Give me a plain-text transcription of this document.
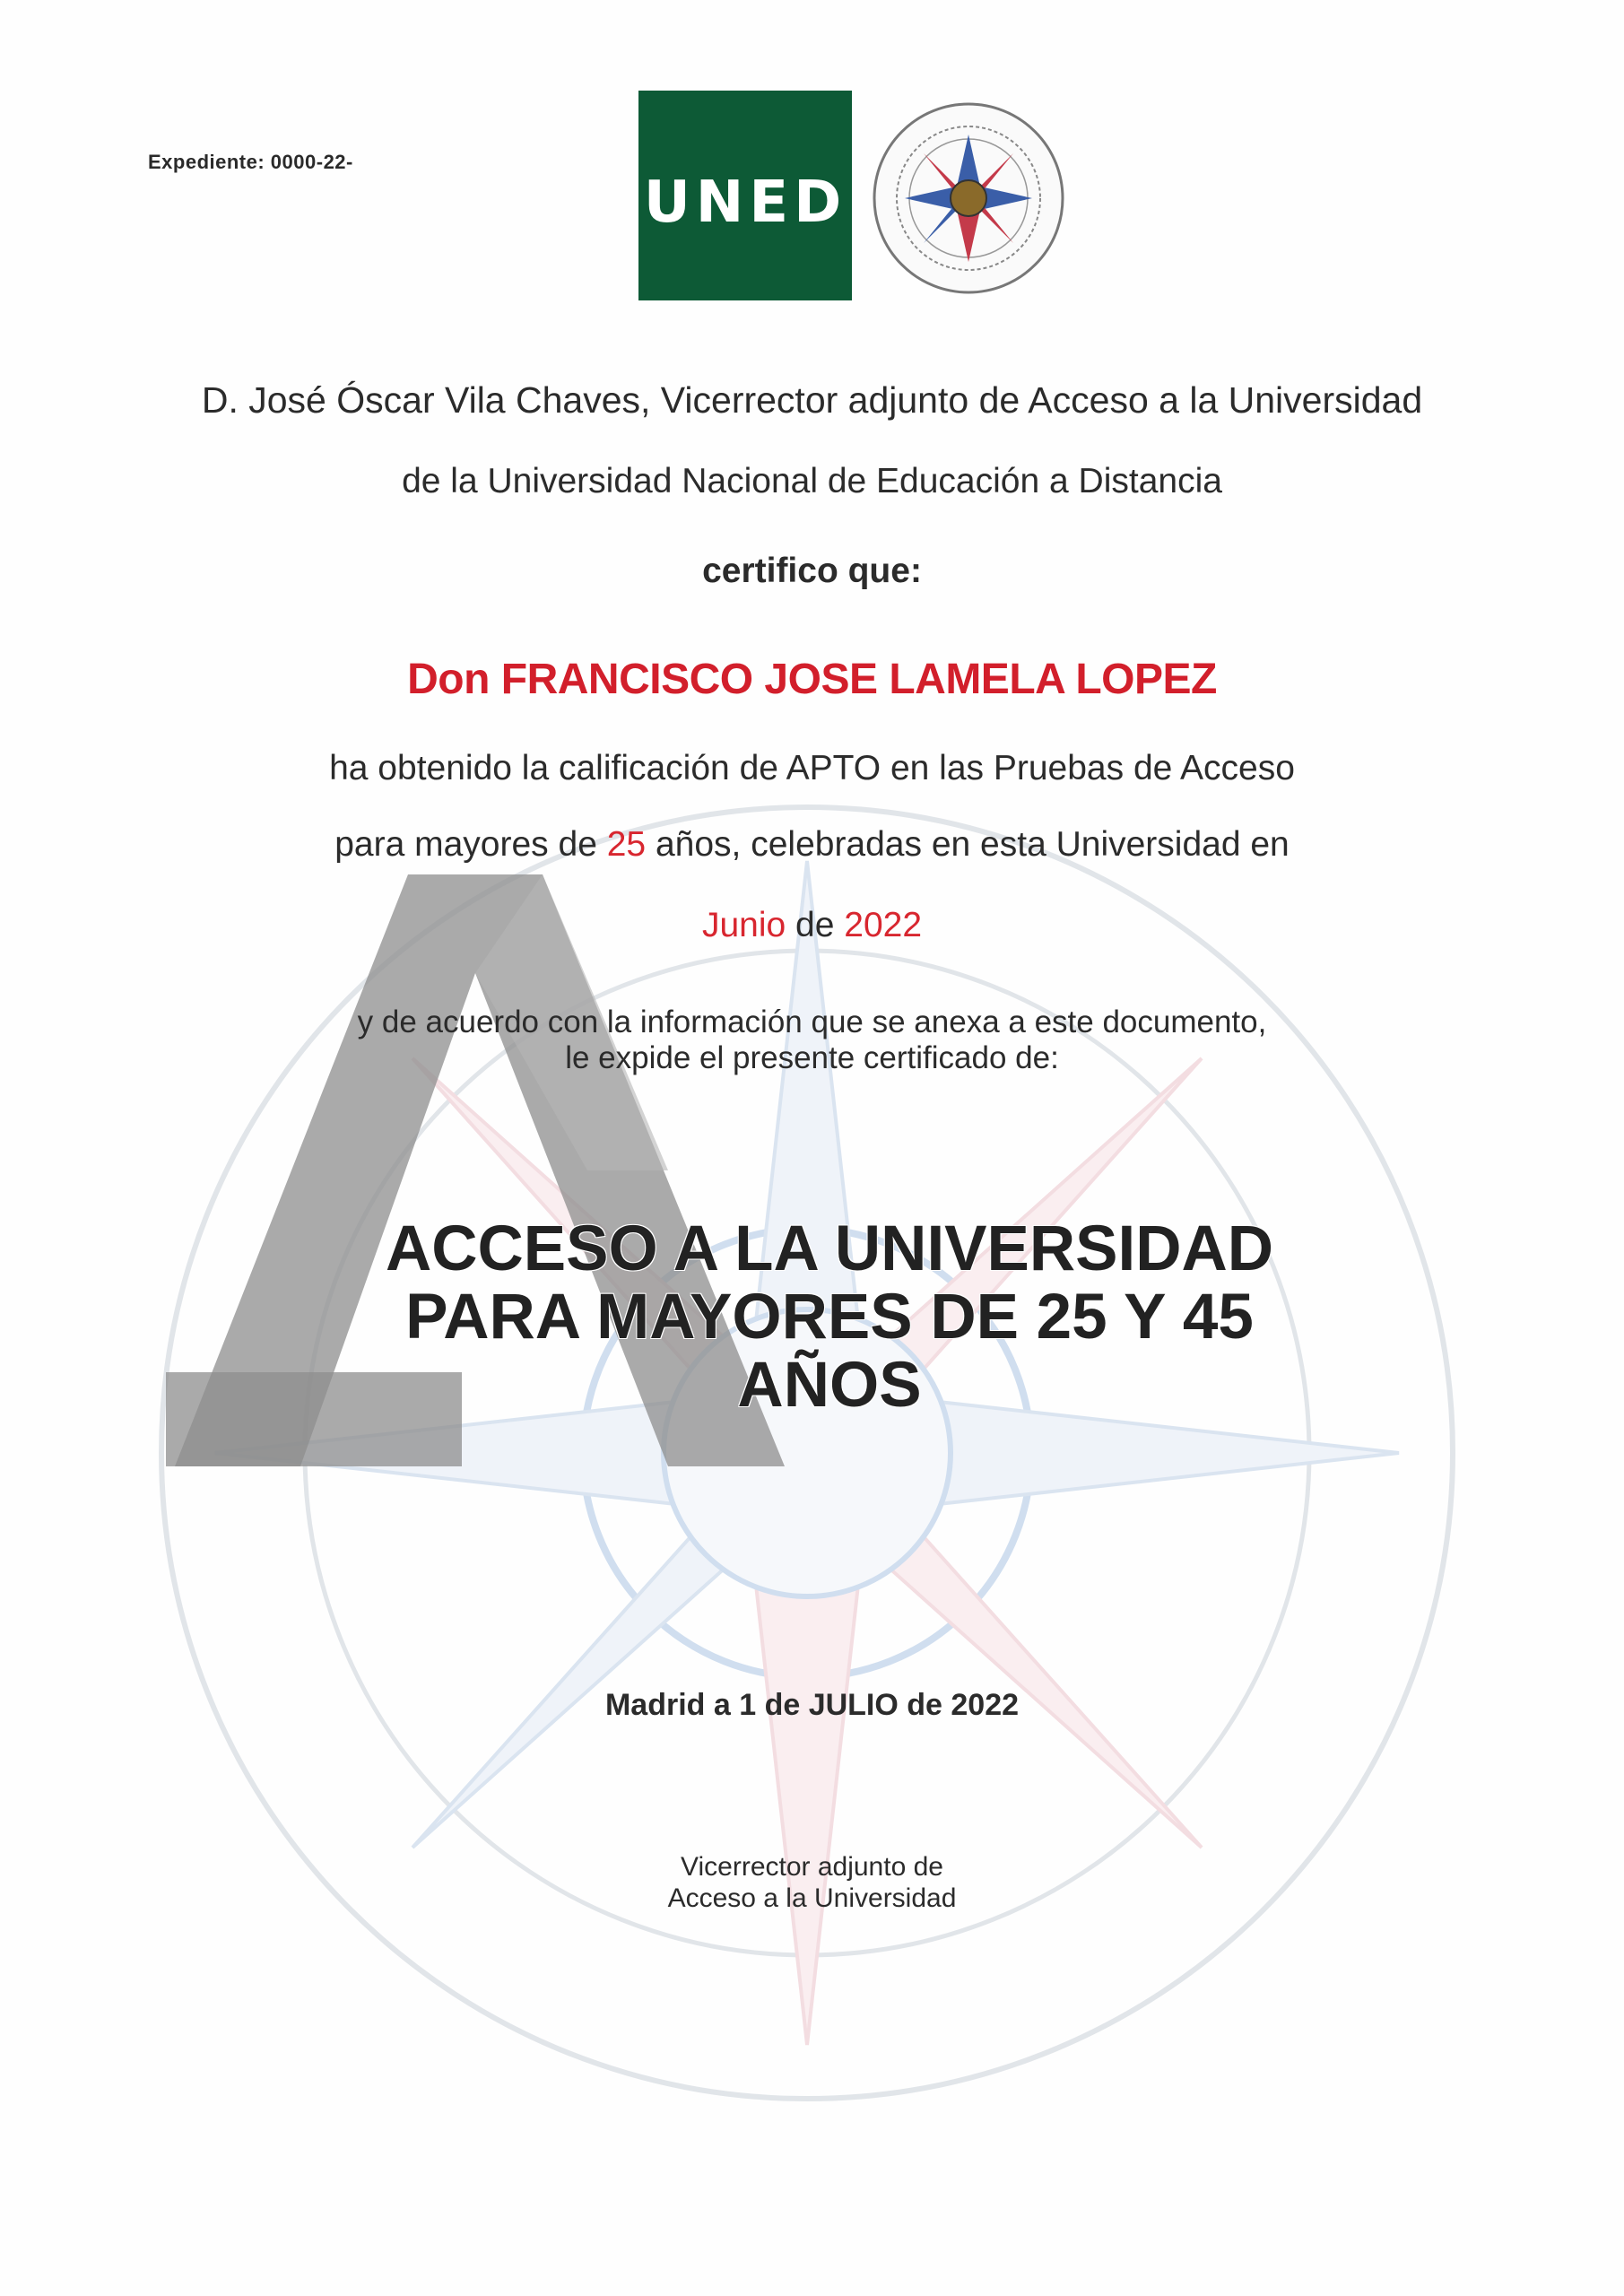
Expediente: 0000-22-
UNED
D. José Óscar Vila Chaves, Vicerrector adjunto de Acceso a la Universidad
de la Universidad Nacional de Educación a Distancia
certifico que:
Don FRANCISCO JOSE LAMELA LOPEZ
ha obtenido la calificación de APTO en las Pruebas de Acceso
para mayores de 25 años, celebradas en esta Universidad en
Junio de 2022
y de acuerdo con la información que se anexa a este documento,
le expide el presente certificado de:
ACCESO A LA UNIVERSIDAD
PARA MAYORES DE 25 Y 45
AÑOS
Madrid a 1 de JULIO de 2022
Vicerrector adjunto de
Acceso a la Universidad
